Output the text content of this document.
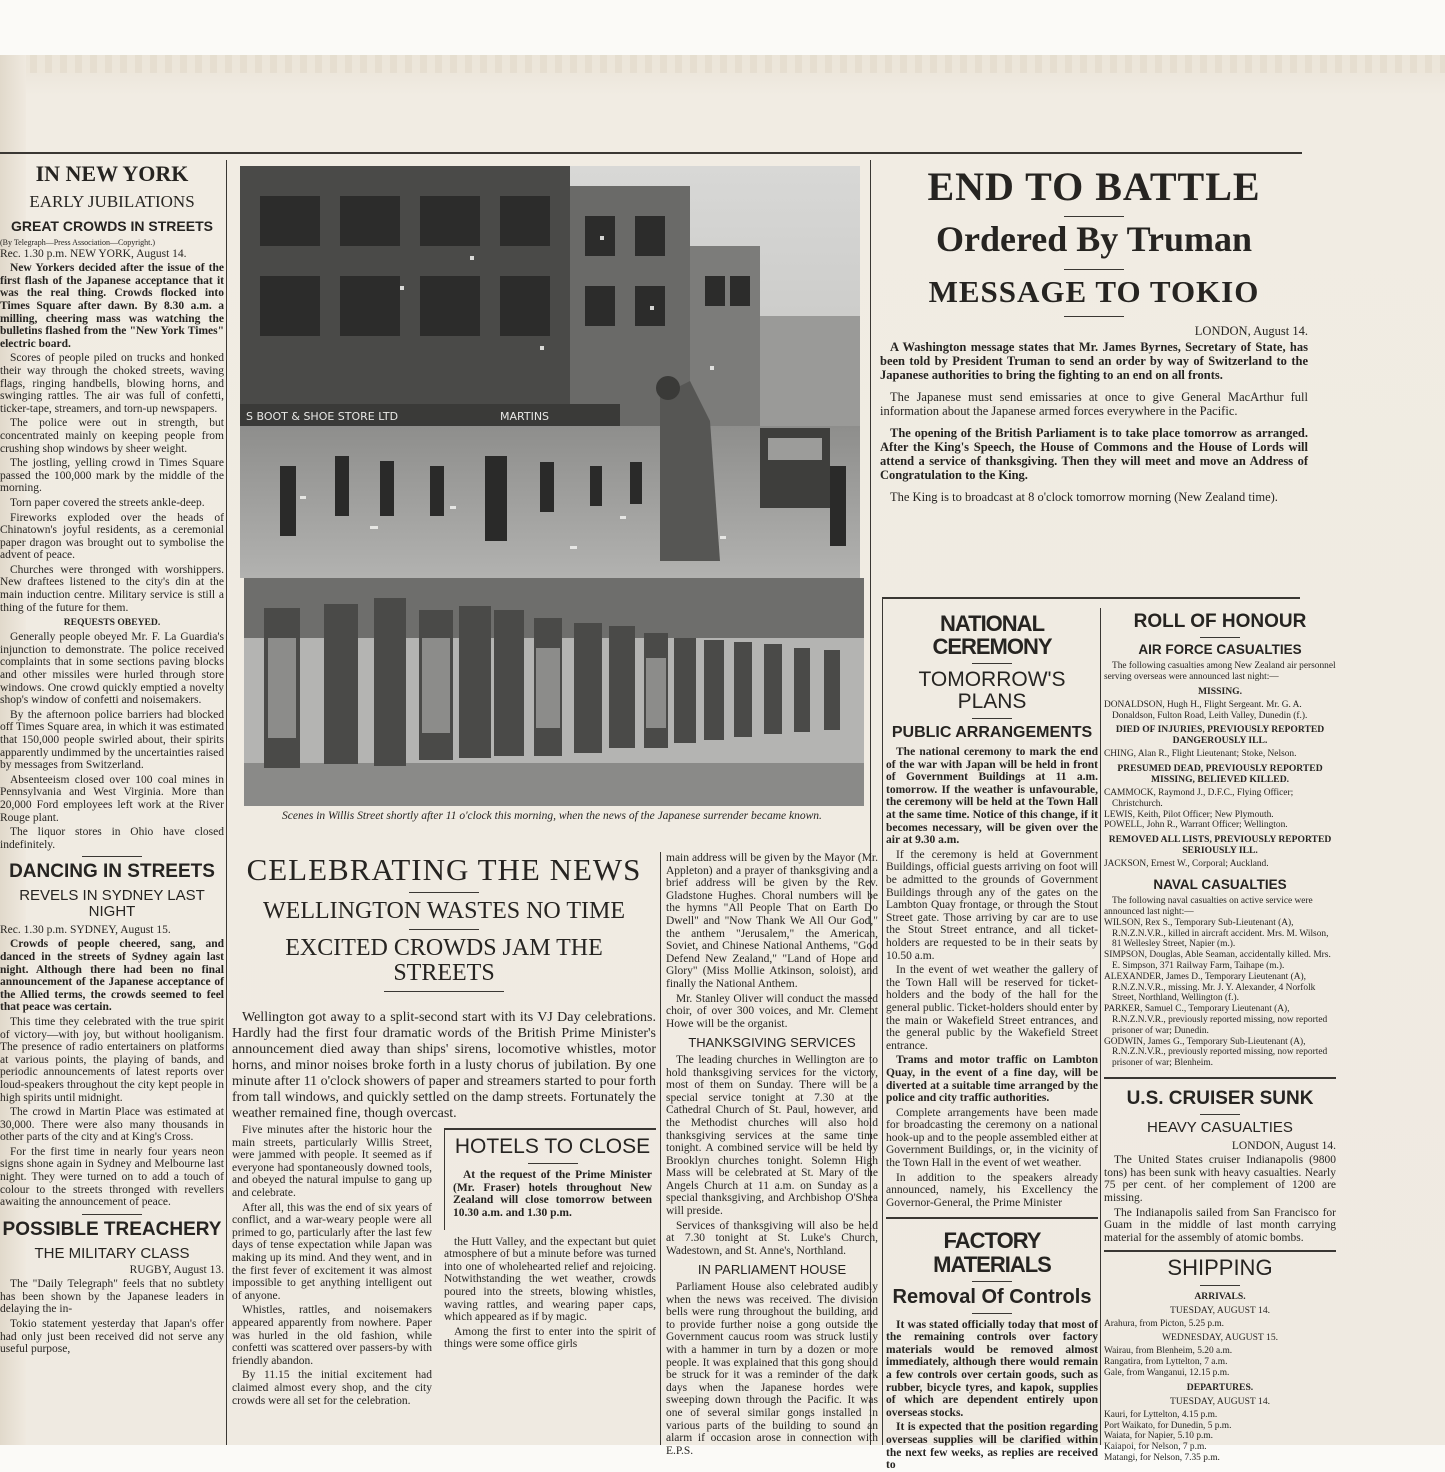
IN NEW YORK
EARLY JUBILATIONS
GREAT CROWDS IN STREETS

(By Telegraph—Press Association—Copyright.)

Rec. 1.30 p.m. NEW YORK, August 14.

New Yorkers decided after the issue of the first flash of the Japanese acceptance that it was the real thing. Crowds flocked into Times Square after dawn. By 8.30 a.m. a milling, cheering mass was watching the bulletins flashed from the "New York Times" electric board.

Scores of people piled on trucks and honked their way through the choked streets, waving flags, ringing handbells, blowing horns, and swinging rattles. The air was full of confetti, ticker-tape, streamers, and torn-up newspapers.

The police were out in strength, but concentrated mainly on keeping people from crushing shop windows by sheer weight.

The jostling, yelling crowd in Times Square passed the 100,000 mark by the middle of the morning.

Torn paper covered the streets ankle-deep.

Fireworks exploded over the heads of Chinatown's joyful residents, as a ceremonial paper dragon was brought out to symbolise the advent of peace.

Churches were thronged with worshippers. New draftees listened to the city's din at the main induction centre. Military service is still a thing of the future for them.

REQUESTS OBEYED.

Generally people obeyed Mr. F. La Guardia's injunction to demonstrate. The police received complaints that in some sections paving blocks and other missiles were hurled through store windows. One crowd quickly emptied a novelty shop's window of confetti and noisemakers.

By the afternoon police barriers had blocked off Times Square area, in which it was estimated that 150,000 people swirled about, their spirits apparently undimmed by the uncertainties raised by messages from Switzerland.

Absenteeism closed over 100 coal mines in Pennsylvania and West Virginia. More than 20,000 Ford employees left work at the River Rouge plant.

The liquor stores in Ohio have closed indefinitely.

DANCING IN STREETS
REVELS IN SYDNEY LAST NIGHT

Rec. 1.30 p.m. SYDNEY, August 15.

Crowds of people cheered, sang, and danced in the streets of Sydney again last night. Although there had been no final announcement of the Japanese acceptance of the Allied terms, the crowds seemed to feel that peace was certain.

This time they celebrated with the true spirit of victory—with joy, but without hooliganism. The presence of radio entertainers on platforms at various points, the playing of bands, and periodic announcements of latest reports over loud-speakers throughout the city kept people in high spirits until midnight.

The crowd in Martin Place was estimated at 30,000. There were also many thousands in other parts of the city and at King's Cross.

For the first time in nearly four years neon signs shone again in Sydney and Melbourne last night. They were turned on to add a touch of colour to the streets thronged with revellers awaiting the announcement of peace.

POSSIBLE TREACHERY
THE MILITARY CLASS

RUGBY, August 13.

The "Daily Telegraph" feels that no subtlety has been shown by the Japanese leaders in delaying the in-

Tokio statement yesterday that Japan's offer had only just been received did not serve any useful purpose,

S BOOT & SHOE STORE LTD	MARTINS
Scenes in Willis Street shortly after 11 o'clock this morning, when the news of the Japanese surrender became known.
CELEBRATING THE NEWS
WELLINGTON WASTES NO TIME
EXCITED CROWDS JAM THE STREETS

Wellington got away to a split-second start with its VJ Day celebrations. Hardly had the first four dramatic words of the British Prime Minister's announcement died away than ships' sirens, locomotive whistles, motor horns, and minor noises broke forth in a lusty chorus of jubilation. By one minute after 11 o'clock showers of paper and streamers started to pour forth from tall windows, and quickly settled on the damp streets. Fortunately the weather remained fine, though overcast.

Five minutes after the historic hour the main streets, particularly Willis Street, were jammed with people. It seemed as if everyone had spontaneously downed tools, and obeyed the natural impulse to gang up and celebrate.

After all, this was the end of six years of conflict, and a war-weary people were all primed to go, particularly after the last few days of tense expectation while Japan was making up its mind. And they went, and in the first fever of excitement it was almost impossible to get anything intelligent out of anyone.

Whistles, rattles, and noisemakers appeared apparently from nowhere. Paper was hurled in the old fashion, while confetti was scattered over passers-by with friendly abandon.

By 11.15 the initial excitement had claimed almost every shop, and the city crowds were all set for the celebration.

HOTELS TO CLOSE

At the request of the Prime Minister (Mr. Fraser) hotels throughout New Zealand will close tomorrow between 10.30 a.m. and 1.30 p.m.

the Hutt Valley, and the expectant but quiet atmosphere of but a minute before was turned into one of wholehearted relief and rejoicing. Notwithstanding the wet weather, crowds poured into the streets, blowing whistles, waving rattles, and wearing paper caps, which appeared as if by magic.

Among the first to enter into the spirit of things were some office girls

main address will be given by the Mayor (Mr. Appleton) and a prayer of thanksgiving and a brief address will be given by the Rev. Gladstone Hughes. Choral numbers will be the hymns "All People That on Earth Do Dwell" and "Now Thank We All Our God," the anthem "Jerusalem," the American, Soviet, and Chinese National Anthems, "God Defend New Zealand," "Land of Hope and Glory" (Miss Mollie Atkinson, soloist), and finally the National Anthem.

Mr. Stanley Oliver will conduct the massed choir, of over 300 voices, and Mr. Clement Howe will be the organist.

THANKSGIVING SERVICES

The leading churches in Wellington are to hold thanksgiving services for the victory, most of them on Sunday. There will be a special service tonight at 7.30 at the Cathedral Church of St. Paul, however, and the Methodist churches will also hold thanksgiving services at the same time tonight. A combined service will be held by Brooklyn churches tonight. Solemn High Mass will be celebrated at St. Mary of the Angels Church at 11 a.m. on Sunday as a special thanksgiving, and Archbishop O'Shea will preside.

Services of thanksgiving will also be held at 7.30 tonight at St. Luke's Church, Wadestown, and St. Anne's, Northland.

IN PARLIAMENT HOUSE

Parliament House also celebrated audibly when the news was received. The division bells were rung throughout the building, and to provide further noise a gong outside the Government caucus room was struck lustily with a hammer in turn by a dozen or more people. It was explained that this gong should be struck for it was a reminder of the dark days when the Japanese hordes were sweeping down through the Pacific. It was one of several similar gongs installed in various parts of the building to sound an alarm if occasion arose in connection with E.P.S.

END TO BATTLE
Ordered By Truman
MESSAGE TO TOKIO

LONDON, August 14.

A Washington message states that Mr. James Byrnes, Secretary of State, has been told by President Truman to send an order by way of Switzerland to the Japanese authorities to bring the fighting to an end on all fronts.

The Japanese must send emissaries at once to give General MacArthur full information about the Japanese armed forces everywhere in the Pacific.

The opening of the British Parliament is to take place tomorrow as arranged. After the King's Speech, the House of Commons and the House of Lords will attend a service of thanksgiving. Then they will meet and move an Address of Congratulation to the King.

The King is to broadcast at 8 o'clock tomorrow morning (New Zealand time).

NATIONAL CEREMONY
TOMORROW'S PLANS
PUBLIC ARRANGEMENTS

The national ceremony to mark the end of the war with Japan will be held in front of Government Buildings at 11 a.m. tomorrow. If the weather is unfavourable, the ceremony will be held at the Town Hall at the same time. Notice of this change, if it becomes necessary, will be given over the air at 9.30 a.m.

If the ceremony is held at Government Buildings, official guests arriving on foot will be admitted to the grounds of Government Buildings through any of the gates on the Lambton Quay frontage, or through the Stout Street gate. Those arriving by car are to use the Stout Street entrance, and all ticket-holders are requested to be in their seats by 10.50 a.m.

In the event of wet weather the gallery of the Town Hall will be reserved for ticket-holders and the body of the hall for the general public. Ticket-holders should enter by the main or Wakefield Street entrances, and the general public by the Wakefield Street entrance.

Trams and motor traffic on Lambton Quay, in the event of a fine day, will be diverted at a suitable time arranged by the police and city traffic authorities.

Complete arrangements have been made for broadcasting the ceremony on a national hook-up and to the people assembled either at Government Buildings, or, in the vicinity of the Town Hall in the event of wet weather.

In addition to the speakers already announced, namely, his Excellency the Governor-General, the Prime Minister

FACTORY MATERIALS
Removal Of Controls

It was stated officially today that most of the remaining controls over factory materials would be removed almost immediately, although there would remain a few controls over certain goods, such as rubber, bicycle tyres, and kapok, supplies of which are dependent entirely upon overseas stocks.

It is expected that the position regarding overseas supplies will be clarified within the next few weeks, as replies are received to

ROLL OF HONOUR
AIR FORCE CASUALTIES

The following casualties among New Zealand air personnel serving overseas were announced last night:—

MISSING.

DONALDSON, Hugh H., Flight Sergeant. Mr. G. A. Donaldson, Fulton Road, Leith Valley, Dunedin (f.).

DIED OF INJURIES, PREVIOUSLY REPORTED DANGEROUSLY ILL.

CHING, Alan R., Flight Lieutenant; Stoke, Nelson.

PRESUMED DEAD, PREVIOUSLY REPORTED MISSING, BELIEVED KILLED.

CAMMOCK, Raymond J., D.F.C., Flying Officer; Christchurch.

LEWIS, Keith, Pilot Officer; New Plymouth.

POWELL, John R., Warrant Officer; Wellington.

REMOVED ALL LISTS, PREVIOUSLY REPORTED SERIOUSLY ILL.

JACKSON, Ernest W., Corporal; Auckland.

NAVAL CASUALTIES

The following naval casualties on active service were announced last night:—

WILSON, Rex S., Temporary Sub-Lieutenant (A), R.N.Z.N.V.R., killed in aircraft accident. Mrs. M. Wilson, 81 Wellesley Street, Napier (m.).

SIMPSON, Douglas, Able Seaman, accidentally killed. Mrs. E. Simpson, 371 Railway Farm, Taihape (m.).

ALEXANDER, James D., Temporary Lieutenant (A), R.N.Z.N.V.R., missing. Mr. J. Y. Alexander, 4 Norfolk Street, Northland, Wellington (f.).

PARKER, Samuel C., Temporary Lieutenant (A), R.N.Z.N.V.R., previously reported missing, now reported prisoner of war; Dunedin.

GODWIN, James G., Temporary Sub-Lieutenant (A), R.N.Z.N.V.R., previously reported missing, now reported prisoner of war; Blenheim.

U.S. CRUISER SUNK
HEAVY CASUALTIES

LONDON, August 14.

The United States cruiser Indianapolis (9800 tons) has been sunk with heavy casualties. Nearly 75 per cent. of her complement of 1200 are missing.

The Indianapolis sailed from San Francisco for Guam in the middle of last month carrying material for the assembly of atomic bombs.

SHIPPING
ARRIVALS.
TUESDAY, AUGUST 14.

Arahura, from Picton, 5.25 p.m.

WEDNESDAY, AUGUST 15.

Wairau, from Blenheim, 5.20 a.m.

Rangatira, from Lyttelton, 7 a.m.

Gale, from Wanganui, 12.15 p.m.

DEPARTURES.
TUESDAY, AUGUST 14.

Kauri, for Lyttelton, 4.15 p.m.

Port Waikato, for Dunedin, 5 p.m.

Waiata, for Napier, 5.10 p.m.

Kaiapoi, for Nelson, 7 p.m.

Matangi, for Nelson, 7.35 p.m.
